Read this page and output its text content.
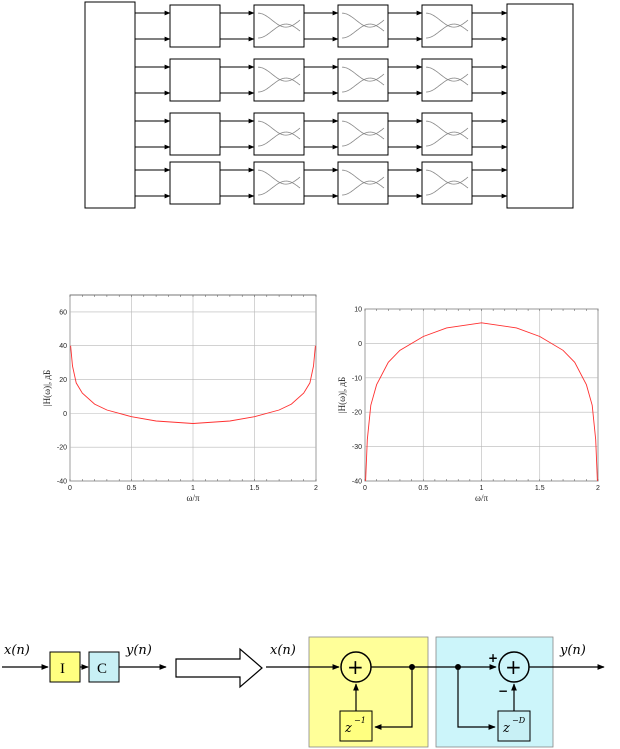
0	0.5	1	1.5	2
60
40
20
0
-20
-40
ω/π
|H(ω)|, дБ
0	0.5	1	1.5	2
10
0
-10
-20
-30
-40
ω/π
|H(ω)|, дБ
x(n)
I C
y(n)	x(n)
+
z
−1
z
−D
+
+
−
y(n)
